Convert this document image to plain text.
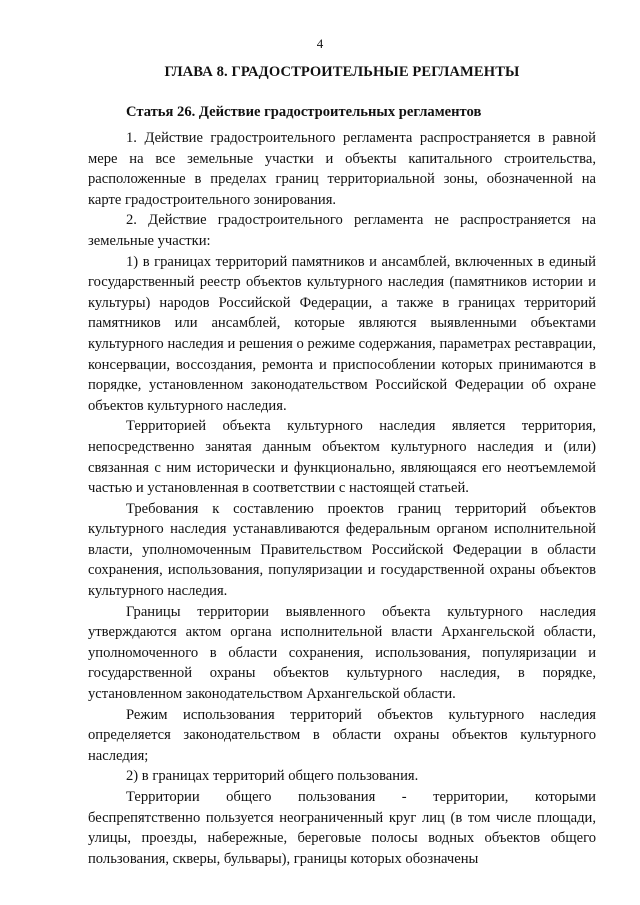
4
ГЛАВА 8. ГРАДОСТРОИТЕЛЬНЫЕ РЕГЛАМЕНТЫ
Статья 26. Действие градостроительных регламентов

1. Действие градостроительного регламента распространяется в равной мере на все земельные участки и объекты капитального строительства, расположенные в пределах границ территориальной зоны, обозначенной на карте градостроительного зонирования.

2. Действие градостроительного регламента не распространяется на земельные участки:

1) в границах территорий памятников и ансамблей, включенных в единый государственный реестр объектов культурного наследия (памятников истории и культуры) народов Российской Федерации, а также в границах территорий памятников или ансамблей, которые являются выявленными объектами культурного наследия и решения о режиме содержания, параметрах реставрации, консервации, воссоздания, ремонта и приспособлении которых принимаются в порядке, установленном законодательством Российской Федерации об охране объектов культурного наследия.

Территорией объекта культурного наследия является территория, непосредственно занятая данным объектом культурного наследия и (или) связанная с ним исторически и функционально, являющаяся его неотъемлемой частью и установленная в соответствии с настоящей статьей.

Требования к составлению проектов границ территорий объектов культурного наследия устанавливаются федеральным органом исполнительной власти, уполномоченным Правительством Российской Федерации в области сохранения, использования, популяризации и государственной охраны объектов культурного наследия.

Границы территории выявленного объекта культурного наследия утверждаются актом органа исполнительной власти Архангельской области, уполномоченного в области сохранения, использования, популяризации и государственной охраны объектов культурного наследия, в порядке, установленном законодательством Архангельской области.

Режим использования территорий объектов культурного наследия определяется законодательством в области охраны объектов культурного наследия;

2) в границах территорий общего пользования.

Территории общего пользования - территории, которыми беспрепятственно пользуется неограниченный круг лиц (в том числе площади, улицы, проезды, набережные, береговые полосы водных объектов общего пользования, скверы, бульвары), границы которых обозначены
